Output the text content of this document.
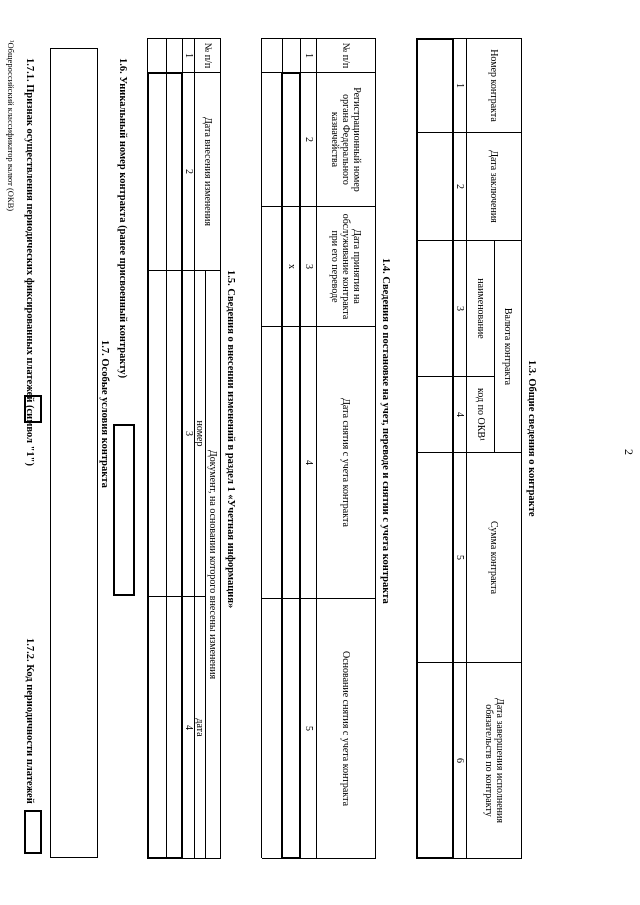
2
1.3. Общие сведения о контракте
Номер контракта
Дата заключения
Валюта контракта
наименование
код по ОКВ¹
Сумма контракта
Дата завершения исполнения обязательств по контракту
1
2
3
4
5
6
1.4. Сведения о постановке на учет, переводе и снятии с учета контракта
№ п/п
Регистрационный номер органа Федерального казначейства
Дата принятия на обслуживание контракта при его переводе
Дата снятия с учета контракта
Основание снятия с учета контракта
1
2
3
4
5
x
1.5. Сведения о внесении изменений в раздел 1 «Учетная информация»
№ п/п
Дата внесения изменения
Документ, на основании которого внесены изменения
номер
дата
1
2
3
4
1.6. Уникальный номер контракта (ранее присвоенный контракту)
1.7. Особые условия контракта
1.7.1. Признак осуществления периодических фиксированных платежей (символ "1")
1.7.2. Код периодичности платежей
¹Общероссийский классификатор валют (ОКВ)
